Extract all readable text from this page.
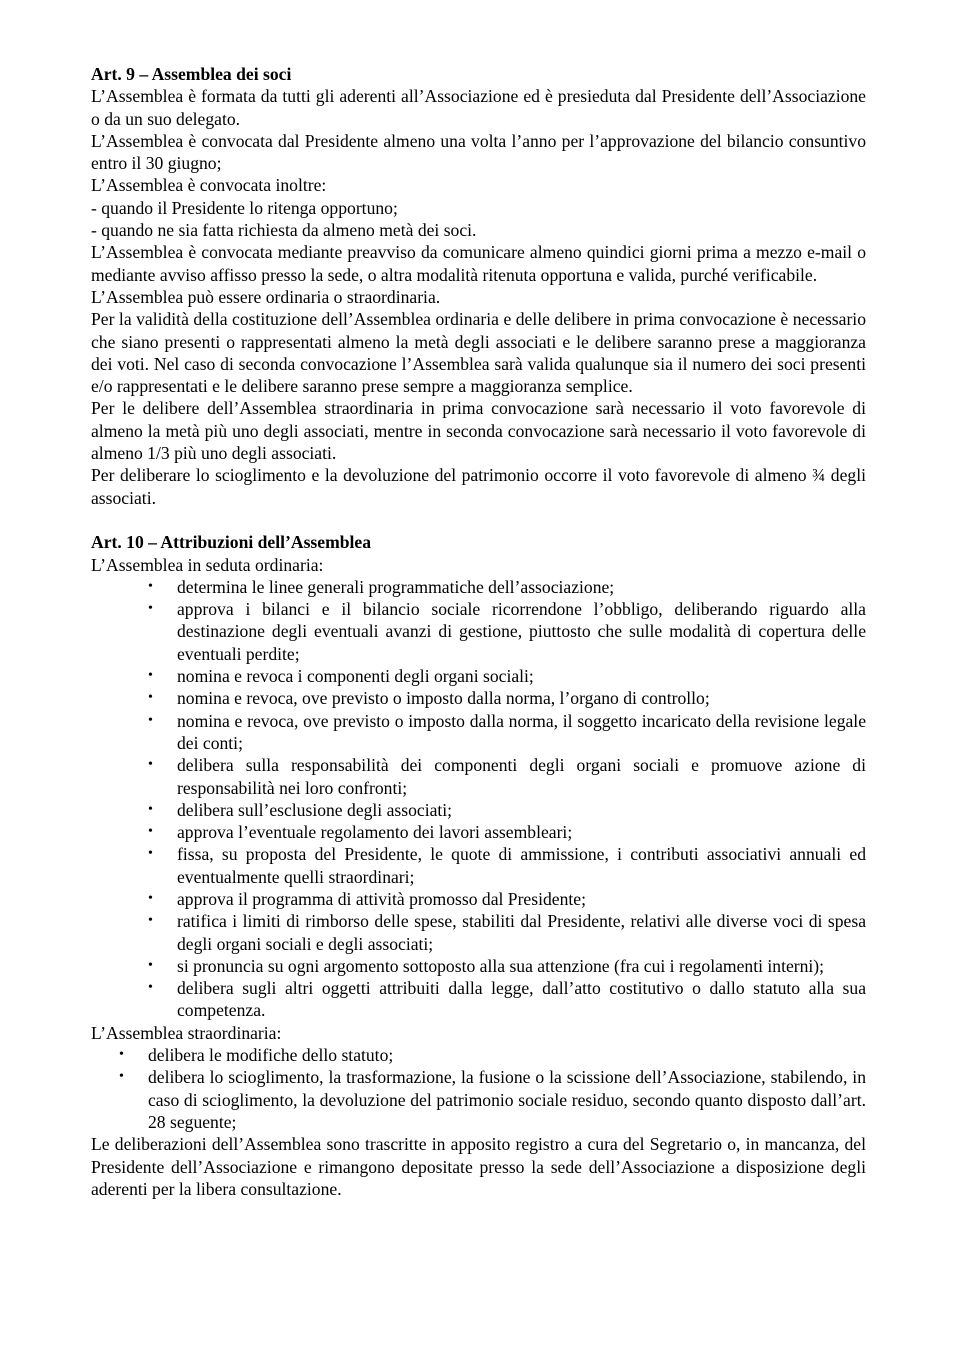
Art. 9 – Assemblea dei soci

L’Assemblea è formata da tutti gli aderenti all’Associazione ed è presieduta dal Presidente dell’Associazione o da un suo delegato.

L’Assemblea è convocata dal Presidente almeno una volta l’anno per l’approvazione del bilancio consuntivo entro il 30 giugno;

L’Assemblea è convocata inoltre:

- quando il Presidente lo ritenga opportuno;

- quando ne sia fatta richiesta da almeno metà dei soci.

L’Assemblea è convocata mediante preavviso da comunicare almeno quindici giorni prima a mezzo e-mail o mediante avviso affisso presso la sede, o altra modalità ritenuta opportuna e valida, purché verificabile.

L’Assemblea può essere ordinaria o straordinaria.

Per la validità della costituzione dell’Assemblea ordinaria e delle delibere in prima convocazione è necessario che siano presenti o rappresentati almeno la metà degli associati e le delibere saranno prese a maggioranza dei voti. Nel caso di seconda convocazione l’Assemblea sarà valida qualunque sia il numero dei soci presenti e/o rappresentati e le delibere saranno prese sempre a maggioranza semplice.

Per le delibere dell’Assemblea straordinaria in prima convocazione sarà necessario il voto favorevole di almeno la metà più uno degli associati, mentre in seconda convocazione sarà necessario il voto favorevole di almeno 1/3 più uno degli associati.

Per deliberare lo scioglimento e la devoluzione del patrimonio occorre il voto favorevole di almeno ¾ degli associati.

Art. 10 – Attribuzioni dell’Assemblea

L’Assemblea in seduta ordinaria:

• determina le linee generali programmatiche dell’associazione;
• approva i bilanci e il bilancio sociale ricorrendone l’obbligo, deliberando riguardo alla destinazione degli eventuali avanzi di gestione, piuttosto che sulle modalità di copertura delle eventuali perdite;
• nomina e revoca i componenti degli organi sociali;
• nomina e revoca, ove previsto o imposto dalla norma, l’organo di controllo;
• nomina e revoca, ove previsto o imposto dalla norma, il soggetto incaricato della revisione legale dei conti;
• delibera sulla responsabilità dei componenti degli organi sociali e promuove azione di responsabilità nei loro confronti;
• delibera sull’esclusione degli associati;
• approva l’eventuale regolamento dei lavori assembleari;
• fissa, su proposta del Presidente, le quote di ammissione, i contributi associativi annuali ed eventualmente quelli straordinari;
• approva il programma di attività promosso dal Presidente;
• ratifica i limiti di rimborso delle spese, stabiliti dal Presidente, relativi alle diverse voci di spesa degli organi sociali e degli associati;
• si pronuncia su ogni argomento sottoposto alla sua attenzione (fra cui i regolamenti interni);
• delibera sugli altri oggetti attribuiti dalla legge, dall’atto costitutivo o dallo statuto alla sua competenza.

L’Assemblea straordinaria:

• delibera le modifiche dello statuto;
• delibera lo scioglimento, la trasformazione, la fusione o la scissione dell’Associazione, stabilendo, in caso di scioglimento, la devoluzione del patrimonio sociale residuo, secondo quanto disposto dall’art. 28 seguente;

Le deliberazioni dell’Assemblea sono trascritte in apposito registro a cura del Segretario o, in mancanza, del Presidente dell’Associazione e rimangono depositate presso la sede dell’Associazione a disposizione degli aderenti per la libera consultazione.
